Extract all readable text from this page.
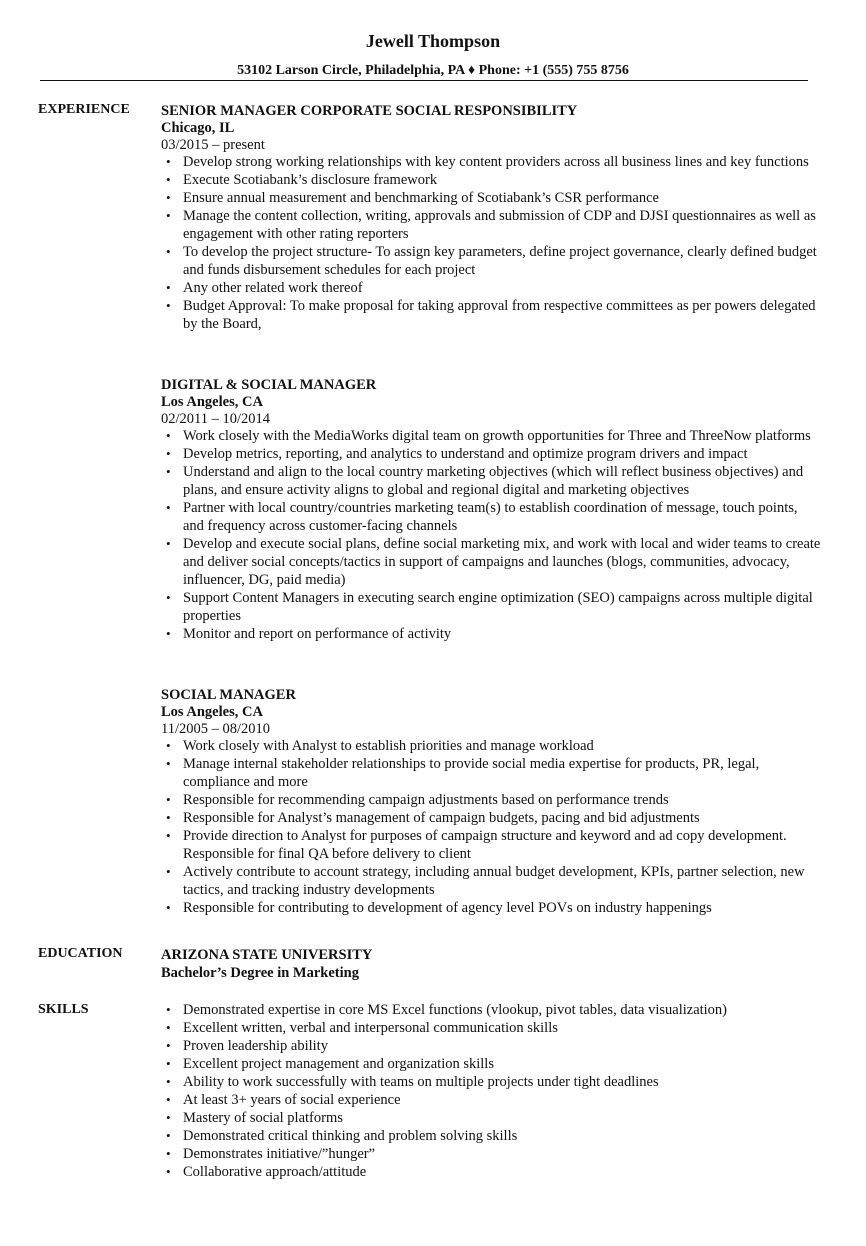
Jewell Thompson
53102 Larson Circle, Philadelphia, PA ♦ Phone: +1 (555) 755 8756
EXPERIENCE SENIOR MANAGER CORPORATE SOCIAL RESPONSIBILITY
Chicago, IL
03/2015 – present
• Develop strong working relationships with key content providers across all business lines and key functions
• Execute Scotiabank’s disclosure framework
• Ensure annual measurement and benchmarking of Scotiabank’s CSR performance
• Manage the content collection, writing, approvals and submission of CDP and DJSI questionnaires as well as engagement with other rating reporters
• To develop the project structure- To assign key parameters, define project governance, clearly defined budget and funds disbursement schedules for each project
• Any other related work thereof
• Budget Approval: To make proposal for taking approval from respective committees as per powers delegated by the Board,
DIGITAL & SOCIAL MANAGER
Los Angeles, CA
02/2011 – 10/2014
• Work closely with the MediaWorks digital team on growth opportunities for Three and ThreeNow platforms
• Develop metrics, reporting, and analytics to understand and optimize program drivers and impact
• Understand and align to the local country marketing objectives (which will reflect business objectives) and plans, and ensure activity aligns to global and regional digital and marketing objectives
• Partner with local country/countries marketing team(s) to establish coordination of message, touch points, and frequency across customer-facing channels
• Develop and execute social plans, define social marketing mix, and work with local and wider teams to create and deliver social concepts/tactics in support of campaigns and launches (blogs, communities, advocacy, influencer, DG, paid media)
• Support Content Managers in executing search engine optimization (SEO) campaigns across multiple digital properties
• Monitor and report on performance of activity
SOCIAL MANAGER
Los Angeles, CA
11/2005 – 08/2010
• Work closely with Analyst to establish priorities and manage workload
• Manage internal stakeholder relationships to provide social media expertise for products, PR, legal, compliance and more
• Responsible for recommending campaign adjustments based on performance trends
• Responsible for Analyst’s management of campaign budgets, pacing and bid adjustments
• Provide direction to Analyst for purposes of campaign structure and keyword and ad copy development. Responsible for final QA before delivery to client
• Actively contribute to account strategy, including annual budget development, KPIs, partner selection, new tactics, and tracking industry developments
• Responsible for contributing to development of agency level POVs on industry happenings
EDUCATION	ARIZONA STATE UNIVERSITY
Bachelor’s Degree in Marketing
SKILLS
•	Demonstrated expertise in core MS Excel functions (vlookup, pivot tables, data visualization)
• Excellent written, verbal and interpersonal communication skills
• Proven leadership ability
• Excellent project management and organization skills
• Ability to work successfully with teams on multiple projects under tight deadlines
• At least 3+ years of social experience
• Mastery of social platforms
• Demonstrated critical thinking and problem solving skills
• Demonstrates initiative/”hunger”
• Collaborative approach/attitude
